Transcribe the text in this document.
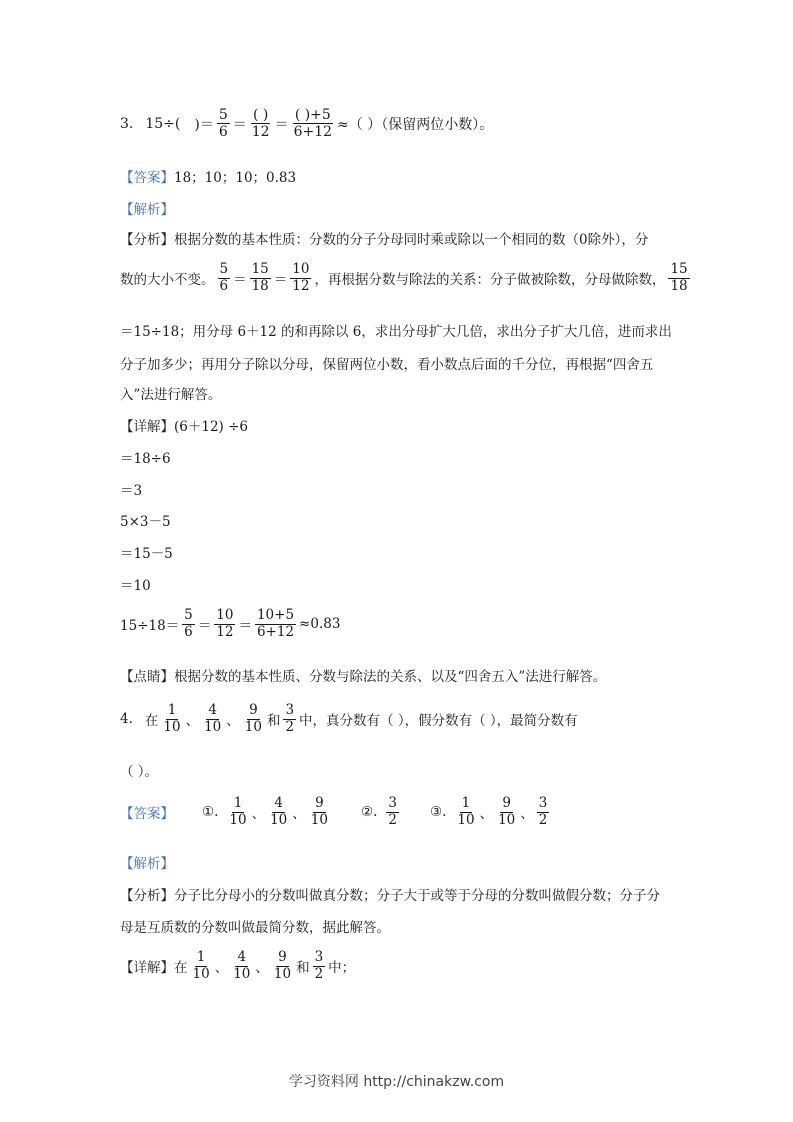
3. 15÷( )＝ $\frac{5}{6} = \frac{( )}{12} = \frac{( )+5}{6+12}$ ≈（ ）（保留两位小数）。
【答案】 18；10；10；0.83
【解析】
【分析】 根据分数的基本性质：分数的分子分母同时乘或除以一个相同的数（0除外），分
数的大小不变。 $\frac{5}{6} = \frac{15}{18} = \frac{10}{12}$ ，再根据分数与除法的关系：分子做被除数，分母做除数， $\frac{15}{18}$
＝15÷18；用分母 6＋12 的和再除以 6，求出分母扩大几倍，求出分子扩大几倍，进而求出
分子加多少；再用分子除以分母，保留两位小数，看小数点后面的千分位，再根据“四舍五
入”法进行解答。
【详解】 (6＋12) ÷6
＝18÷6
＝3
5×3－5
＝15－5
＝10
$15\div 18= \frac{5}{6} = \frac{10}{12} = \frac{10+5}{6+12} \approx 0.83$
【点睛】 根据分数的基本性质、分数与除法的关系、以及“四舍五入”法进行解答。
4. 在 $\frac{1}{10}$ 、 $\frac{4}{10}$ 、 $\frac{9}{10}$ 和 $\frac{3}{2}$ 中，真分数有（ ），假分数有（ ），最简分数有
（ ）。
【答案】 ①. $\frac{1}{10}$ 、 $\frac{4}{10}$ 、 $\frac{9}{10}$ ②. $\frac{3}{2}$ ③. $\frac{1}{10}$ 、 $\frac{9}{10}$ 、 $\frac{3}{2}$
【解析】
【分析】 分子比分母小的分数叫做真分数；分子大于或等于分母的分数叫做假分数；分子分
母是互质数的分数叫做最简分数，据此解答。
【详解】 在 $\frac{1}{10}$ 、 $\frac{4}{10}$ 、 $\frac{9}{10}$ 和 $\frac{3}{2}$ 中；
学习资料网 http://chinakzw.com
